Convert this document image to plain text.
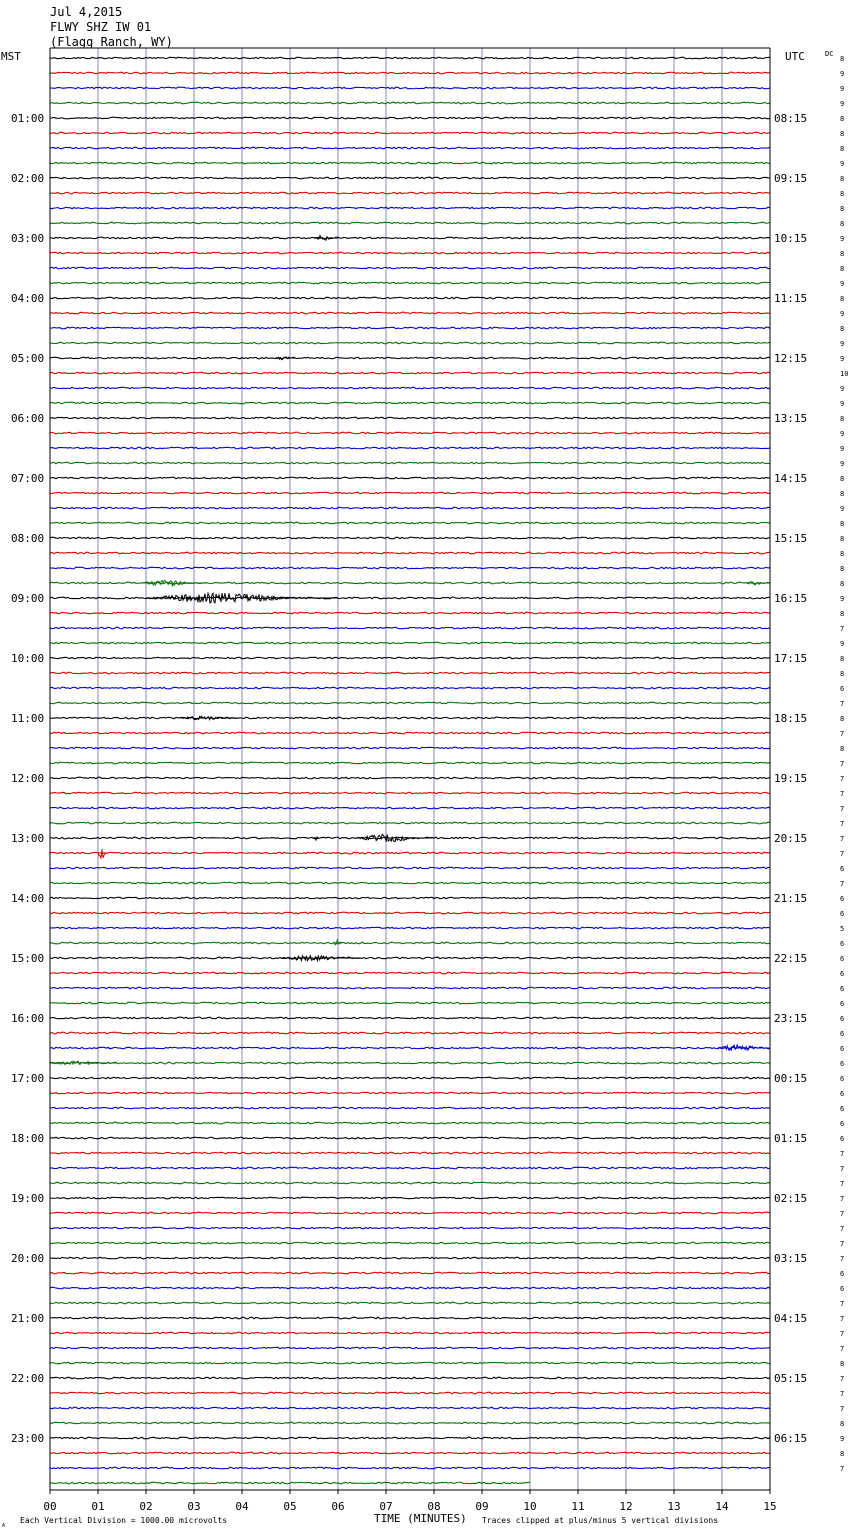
Jul 4,2015
FLWY SHZ IW 01
(Flagg Ranch, WY)
01:00
02:00
03:00
04:00
05:00
06:00
07:00
08:00
09:00
10:00
11:00
12:00
13:00
14:00
15:00
16:00
17:00
18:00
19:00
20:00
21:00
22:00
23:00
08:15
09:15
10:15
11:15
12:15
13:15
14:15
15:15
16:15
17:15
18:15
19:15
20:15
21:15
22:15
23:15
00:15
01:15
02:15
03:15
04:15
05:15
06:15
8
9
9
9
8
8
8
9
8
8
8
8
9
8
8
9
8
9
8
9
9
10
9
9
8
9
9
9
8
8
9
8
8
8
8
8
9
8
7
9
8
8
6
7
8
7
8
7
7
7
7
7
7
7
6
7
6
6
5
6
6
6
6
6
6
6
6
6
6
6
6
6
6
7
7
7
7
7
7
7
7
6
6
7
7
7
7
8
7
7
7
8
9
8
7
00	01	02	03	04	05	06	07	08	09	10	11	12	13	14	15
MST	UTC	DC
TIME (MINUTES)
Each Vertical Division = 1000.00 microvolts	Traces clipped at plus/minus 5 vertical divisions
A
